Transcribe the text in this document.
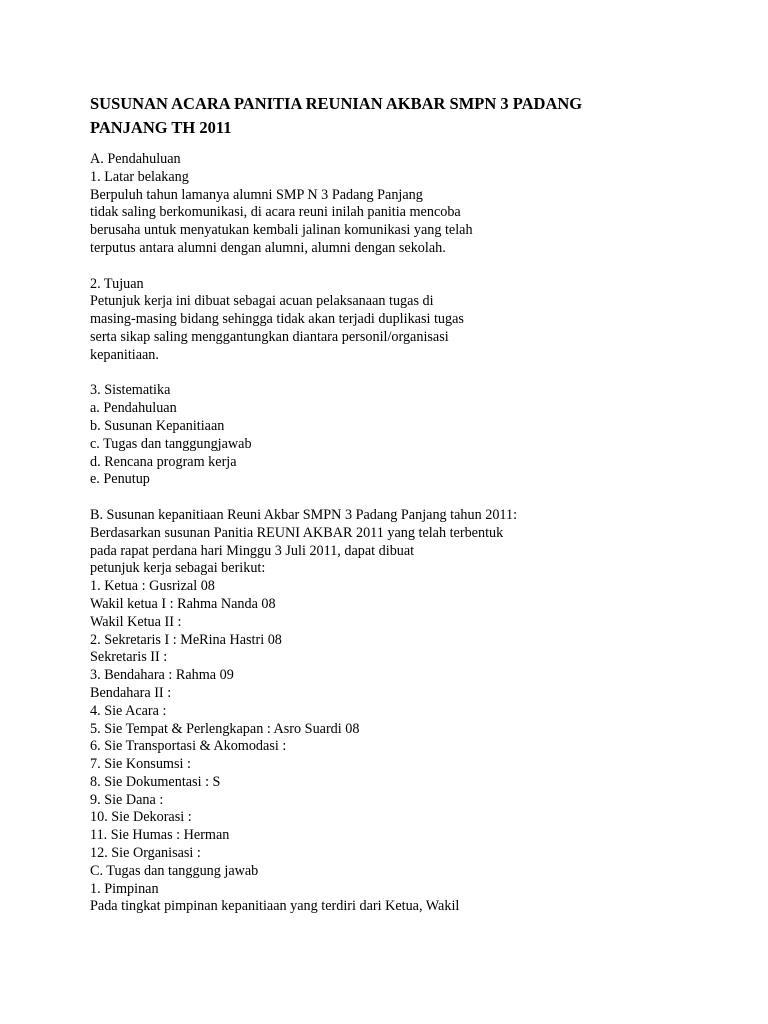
SUSUNAN ACARA PANITIA REUNIAN AKBAR SMPN 3 PADANG
PANJANG TH 2011
A. Pendahuluan
1. Latar belakang
Berpuluh tahun lamanya alumni SMP N 3 Padang Panjang
tidak saling berkomunikasi, di acara reuni inilah panitia mencoba
berusaha untuk menyatukan kembali jalinan komunikasi yang telah
terputus antara alumni dengan alumni, alumni dengan sekolah.
2. Tujuan
Petunjuk kerja ini dibuat sebagai acuan pelaksanaan tugas di
masing-masing bidang sehingga tidak akan terjadi duplikasi tugas
serta sikap saling menggantungkan diantara personil/organisasi
kepanitiaan.
3. Sistematika
a. Pendahuluan
b. Susunan Kepanitiaan
c. Tugas dan tanggungjawab
d. Rencana program kerja
e. Penutup
B. Susunan kepanitiaan Reuni Akbar SMPN 3 Padang Panjang tahun 2011:
Berdasarkan susunan Panitia REUNI AKBAR 2011 yang telah terbentuk
pada rapat perdana hari Minggu 3 Juli 2011, dapat dibuat
petunjuk kerja sebagai berikut:
1. Ketua : Gusrizal 08
Wakil ketua I : Rahma Nanda 08
Wakil Ketua II :
2. Sekretaris I : MeRina Hastri 08
Sekretaris II :
3. Bendahara : Rahma 09
Bendahara II :
4. Sie Acara :
5. Sie Tempat & Perlengkapan : Asro Suardi 08
6. Sie Transportasi & Akomodasi :
7. Sie Konsumsi :
8. Sie Dokumentasi : S
9. Sie Dana :
10. Sie Dekorasi :
11. Sie Humas : Herman
12. Sie Organisasi :
C. Tugas dan tanggung jawab
1. Pimpinan
Pada tingkat pimpinan kepanitiaan yang terdiri dari Ketua, Wakil
